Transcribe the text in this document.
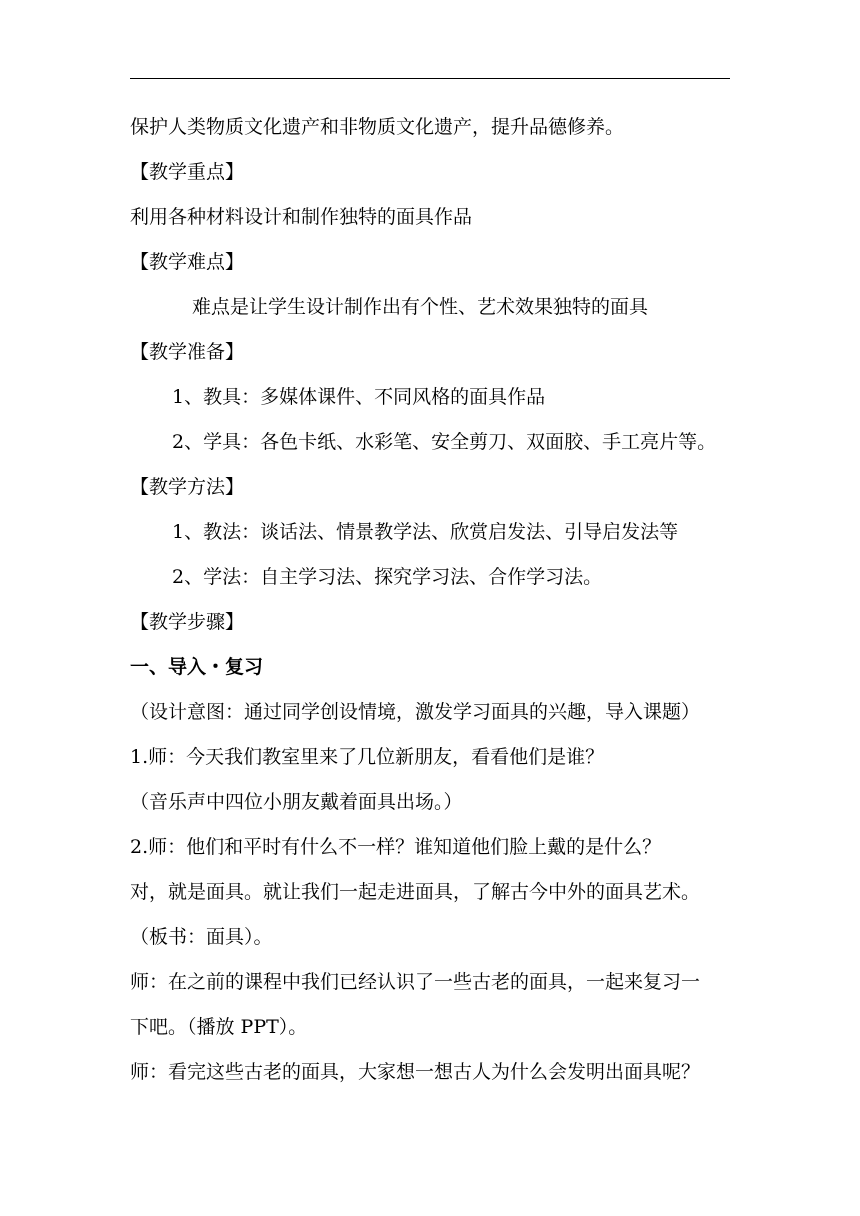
保护人类物质文化遗产和非物质文化遗产，提升品德修养。
【教学重点】
利用各种材料设计和制作独特的面具作品
【教学难点】
难点是让学生设计制作出有个性、艺术效果独特的面具
【教学准备】
1、教具：多媒体课件、不同风格的面具作品
2、学具：各色卡纸、水彩笔、安全剪刀、双面胶、手工亮片等。
【教学方法】
1、教法：谈话法、情景教学法、欣赏启发法、引导启发法等
2、学法：自主学习法、探究学习法、合作学习法。
【教学步骤】
一、导入・复习
（设计意图：通过同学创设情境，激发学习面具的兴趣，导入课题）
1.师：今天我们教室里来了几位新朋友，看看他们是谁？
（音乐声中四位小朋友戴着面具出场。）
2.师：他们和平时有什么不一样？谁知道他们脸上戴的是什么？
对，就是面具。就让我们一起走进面具，了解古今中外的面具艺术。
（板书：面具）。
师：在之前的课程中我们已经认识了一些古老的面具，一起来复习一
下吧。（播放 PPT）。
师：看完这些古老的面具，大家想一想古人为什么会发明出面具呢？
